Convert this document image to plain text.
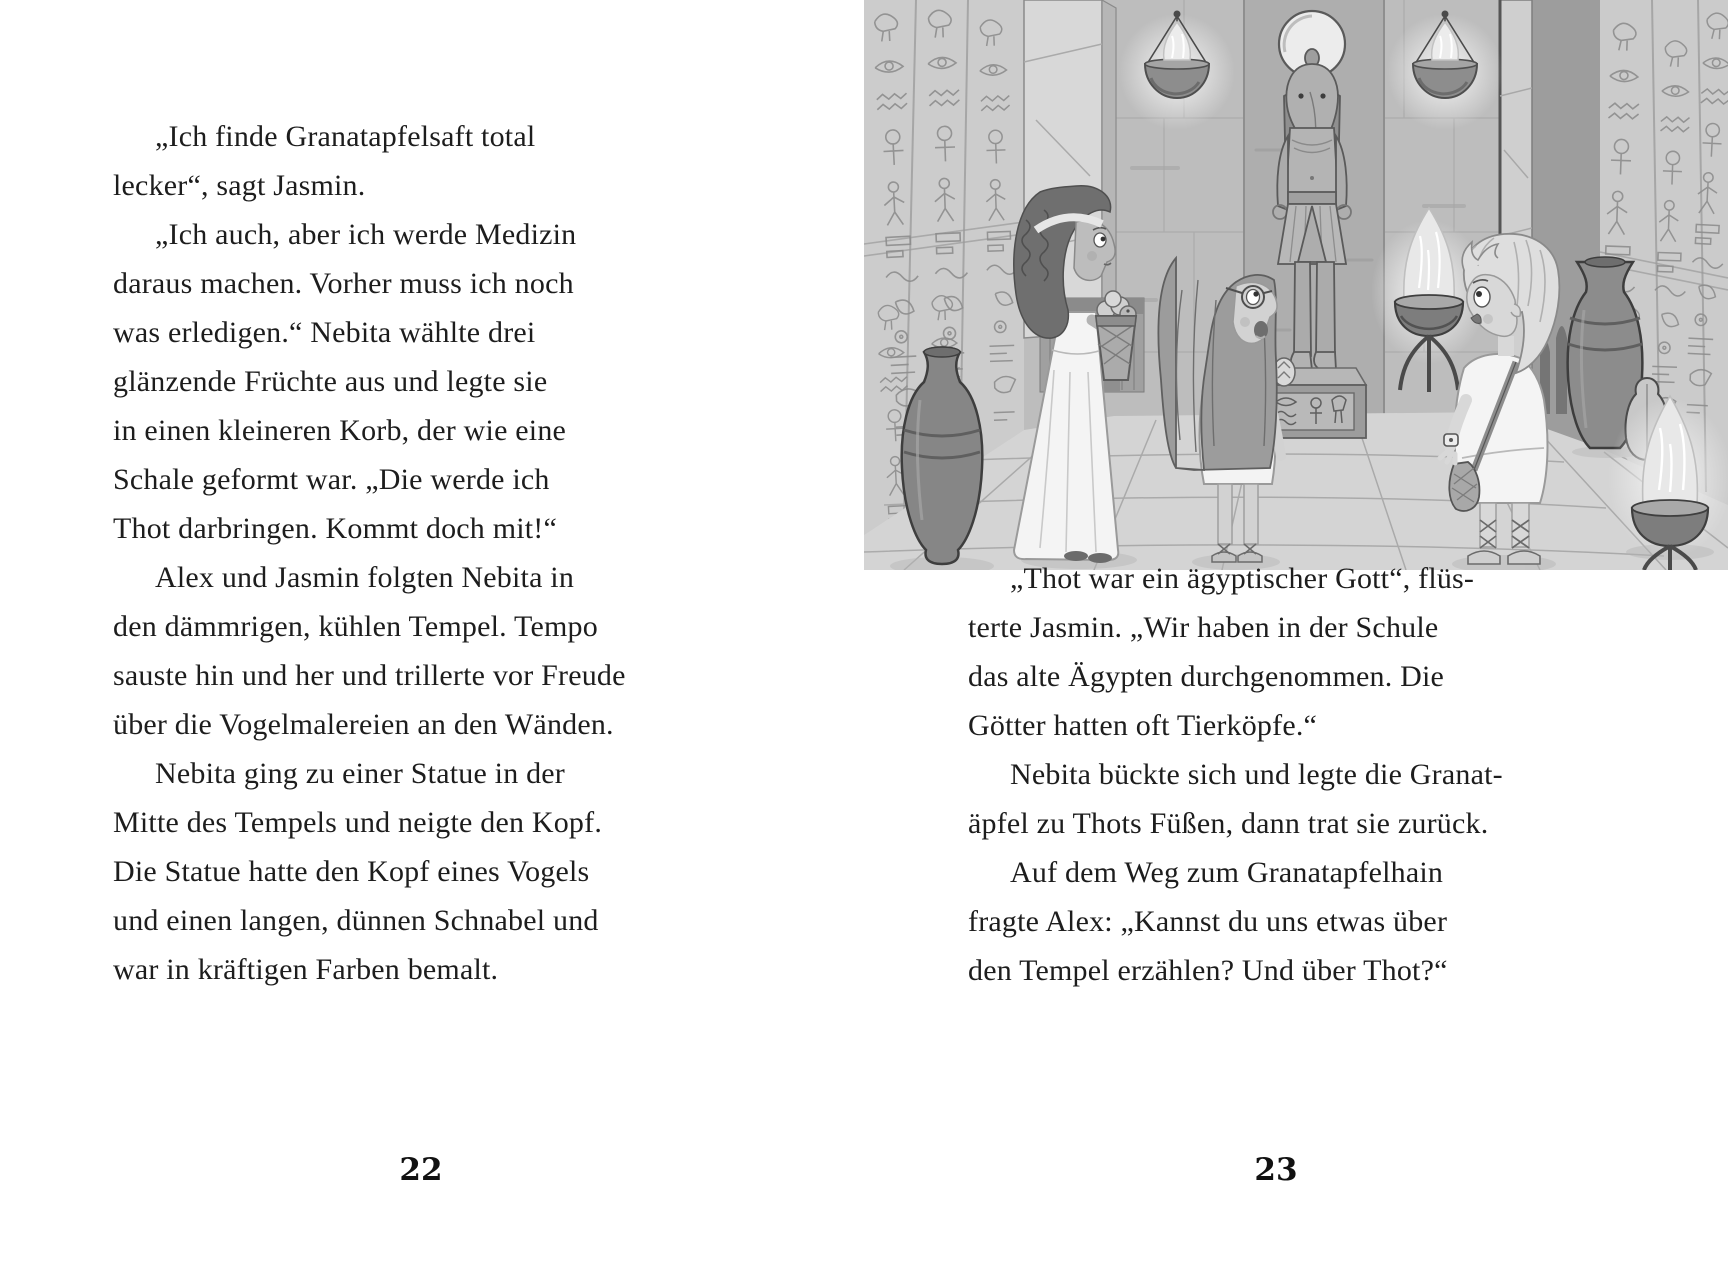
„Ich finde Granatapfelsaft total
lecker“, sagt Jasmin.
„Ich auch, aber ich werde Medizin
daraus machen. Vorher muss ich noch
was erledigen.“ Nebita wählte drei
glänzende Früchte aus und legte sie
in einen kleineren Korb, der wie eine
Schale geformt war. „Die werde ich
Thot darbringen. Kommt doch mit!“
Alex und Jasmin folgten Nebita in
den dämmrigen, kühlen Tempel. Tempo
sauste hin und her und trillerte vor Freude
über die Vogelmalereien an den Wänden.
Nebita ging zu einer Statue in der
Mitte des Tempels und neigte den Kopf.
Die Statue hatte den Kopf eines Vogels
und einen langen, dünnen Schnabel und
war in kräftigen Farben bemalt.
22
„Thot war ein ägyptischer Gott“, flüs-
terte Jasmin. „Wir haben in der Schule
das alte Ägypten durchgenommen. Die
Götter hatten oft Tierköpfe.“
Nebita bückte sich und legte die Granat-
äpfel zu Thots Füßen, dann trat sie zurück.
Auf dem Weg zum Granatapfelhain
fragte Alex: „Kannst du uns etwas über
den Tempel erzählen? Und über Thot?“
23
